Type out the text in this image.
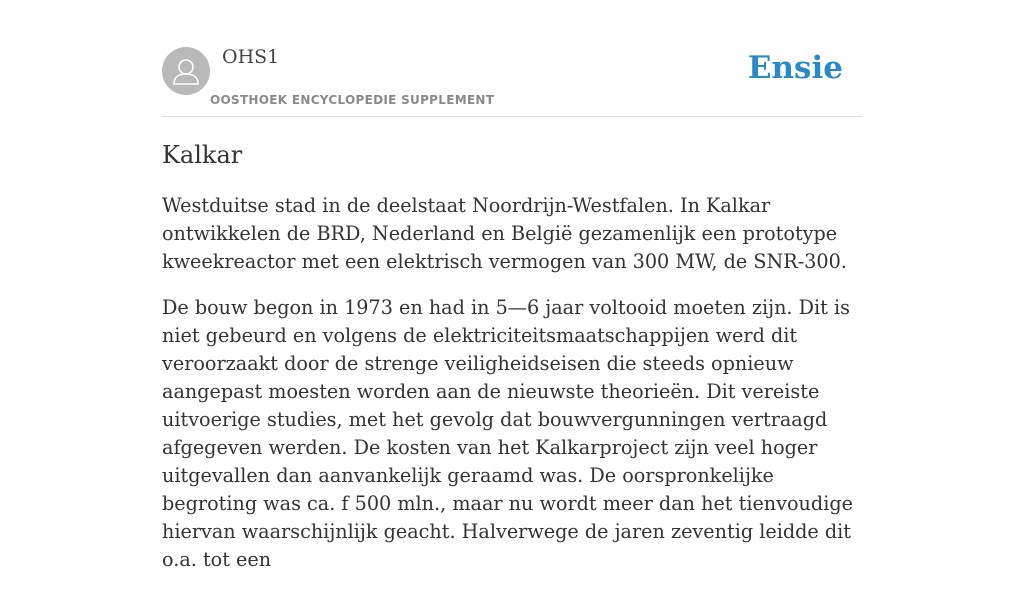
OHS1
OOSTHOEK ENCYCLOPEDIE SUPPLEMENT
Ensie
Kalkar

Westduitse stad in de deelstaat Noordrijn-Westfalen. In Kalkar ontwikkelen de BRD, Nederland en België gezamenlijk een prototype kweekreactor met een elektrisch vermogen van 300 MW, de SNR-300.

De bouw begon in 1973 en had in 5—6 jaar voltooid moeten zijn. Dit is niet gebeurd en volgens de elektriciteitsmaatschappijen werd dit veroorzaakt door de strenge veiligheidseisen die steeds opnieuw aangepast moesten worden aan de nieuwste theorieën. Dit vereiste uitvoerige studies, met het gevolg dat bouwvergunningen vertraagd afgegeven werden. De kosten van het Kalkarproject zijn veel hoger uitgevallen dan aanvankelijk geraamd was. De oorspronkelijke begroting was ca. f 500 mln., maar nu wordt meer dan het tienvoudige hiervan waarschijnlijk geacht. Halverwege de jaren zeventig leidde dit o.a. tot een
